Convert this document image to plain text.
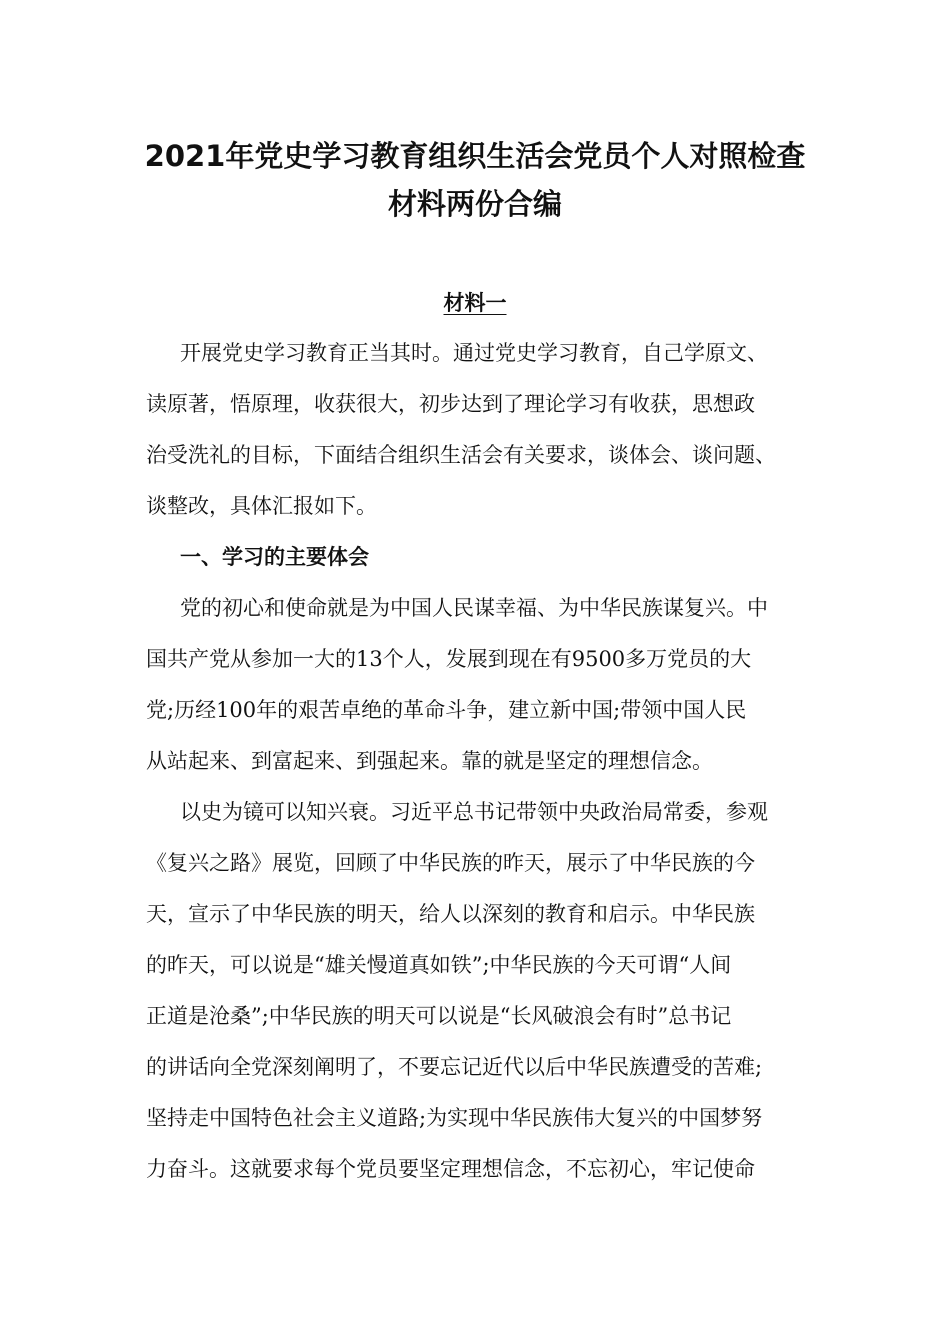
2021年党史学习教育组织生活会党员个人对照检查
材料两份合编
材料一
开展党史学习教育正当其时。通过党史学习教育，自己学原文、
读原著，悟原理，收获很大，初步达到了理论学习有收获，思想政
治受洗礼的目标，下面结合组织生活会有关要求，谈体会、谈问题、
谈整改，具体汇报如下。
一、学习的主要体会
党的初心和使命就是为中国人民谋幸福、为中华民族谋复兴。中
国共产党从参加一大的13个人，发展到现在有9500多万党员的大
党;历经100年的艰苦卓绝的革命斗争，建立新中国;带领中国人民
从站起来、到富起来、到强起来。靠的就是坚定的理想信念。
以史为镜可以知兴衰。习近平总书记带领中央政治局常委，参观
《复兴之路》展览，回顾了中华民族的昨天，展示了中华民族的今
天，宣示了中华民族的明天，给人以深刻的教育和启示。中华民族
的昨天，可以说是“雄关慢道真如铁”;中华民族的今天可谓“人间
正道是沧桑”;中华民族的明天可以说是“长风破浪会有时”总书记
的讲话向全党深刻阐明了，不要忘记近代以后中华民族遭受的苦难;
坚持走中国特色社会主义道路;为实现中华民族伟大复兴的中国梦努
力奋斗。这就要求每个党员要坚定理想信念，不忘初心，牢记使命
